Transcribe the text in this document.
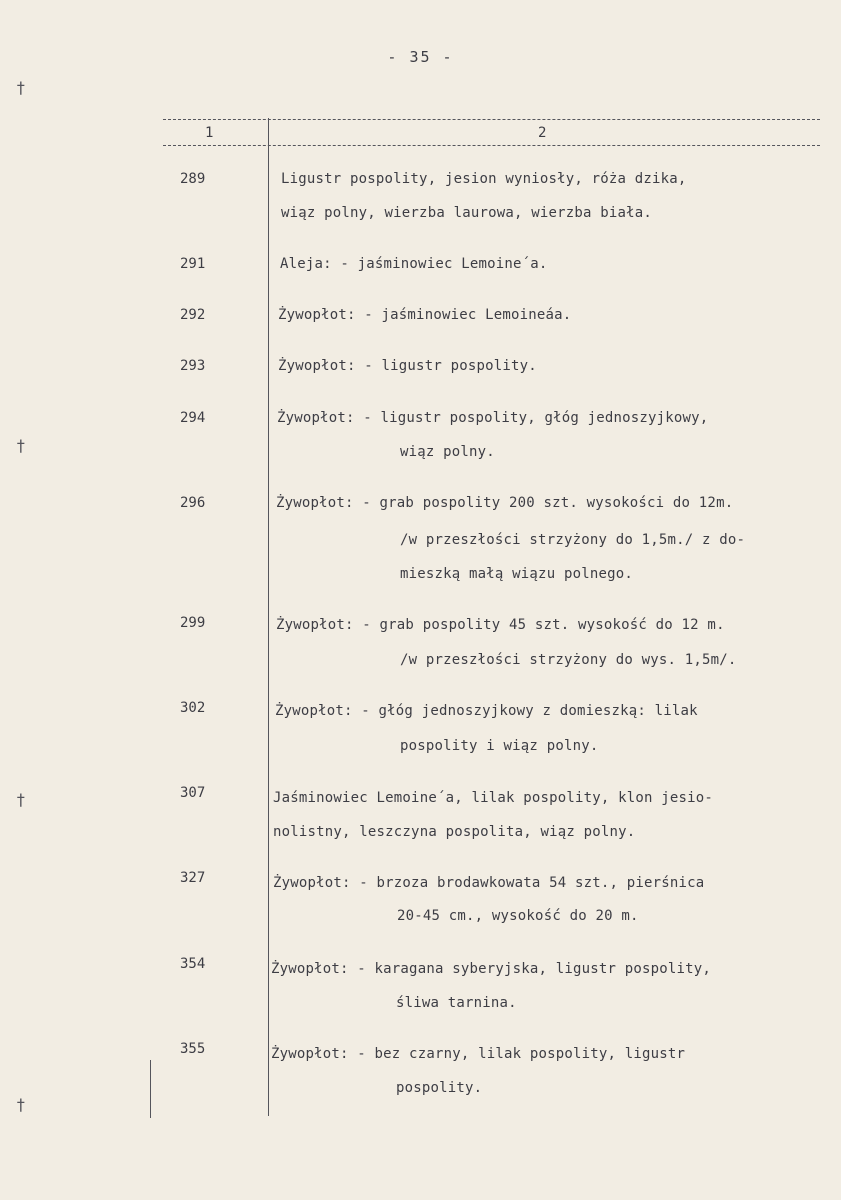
- 35 -
†
†
†
†
1	2
289	Ligustr pospolity, jesion wyniosły, róża dzika,
wiąz polny, wierzba laurowa, wierzba biała.
291	Aleja: - jaśminowiec Lemoine´a.
292	Żywopłot: - jaśminowiec Lemoineáa.
293	Żywopłot: - ligustr pospolity.
294	Żywopłot: - ligustr pospolity, głóg jednoszyjkowy,
wiąz polny.
296	Żywopłot: - grab pospolity 200 szt. wysokości do 12m.
/w przeszłości strzyżony do 1,5m./ z do-
mieszką małą wiązu polnego.
299	Żywopłot: - grab pospolity 45 szt. wysokość do 12 m.
/w przeszłości strzyżony do wys. 1,5m/.
302	Żywopłot: - głóg jednoszyjkowy z domieszką: lilak
pospolity i wiąz polny.
307	Jaśminowiec Lemoine´a, lilak pospolity, klon jesio-
nolistny, leszczyna pospolita, wiąz polny.
327	Żywopłot: - brzoza brodawkowata 54 szt., pierśnica
20-45 cm., wysokość do 20 m.
354	Żywopłot: - karagana syberyjska, ligustr pospolity,
śliwa tarnina.
355	Żywopłot: - bez czarny, lilak pospolity, ligustr
pospolity.
